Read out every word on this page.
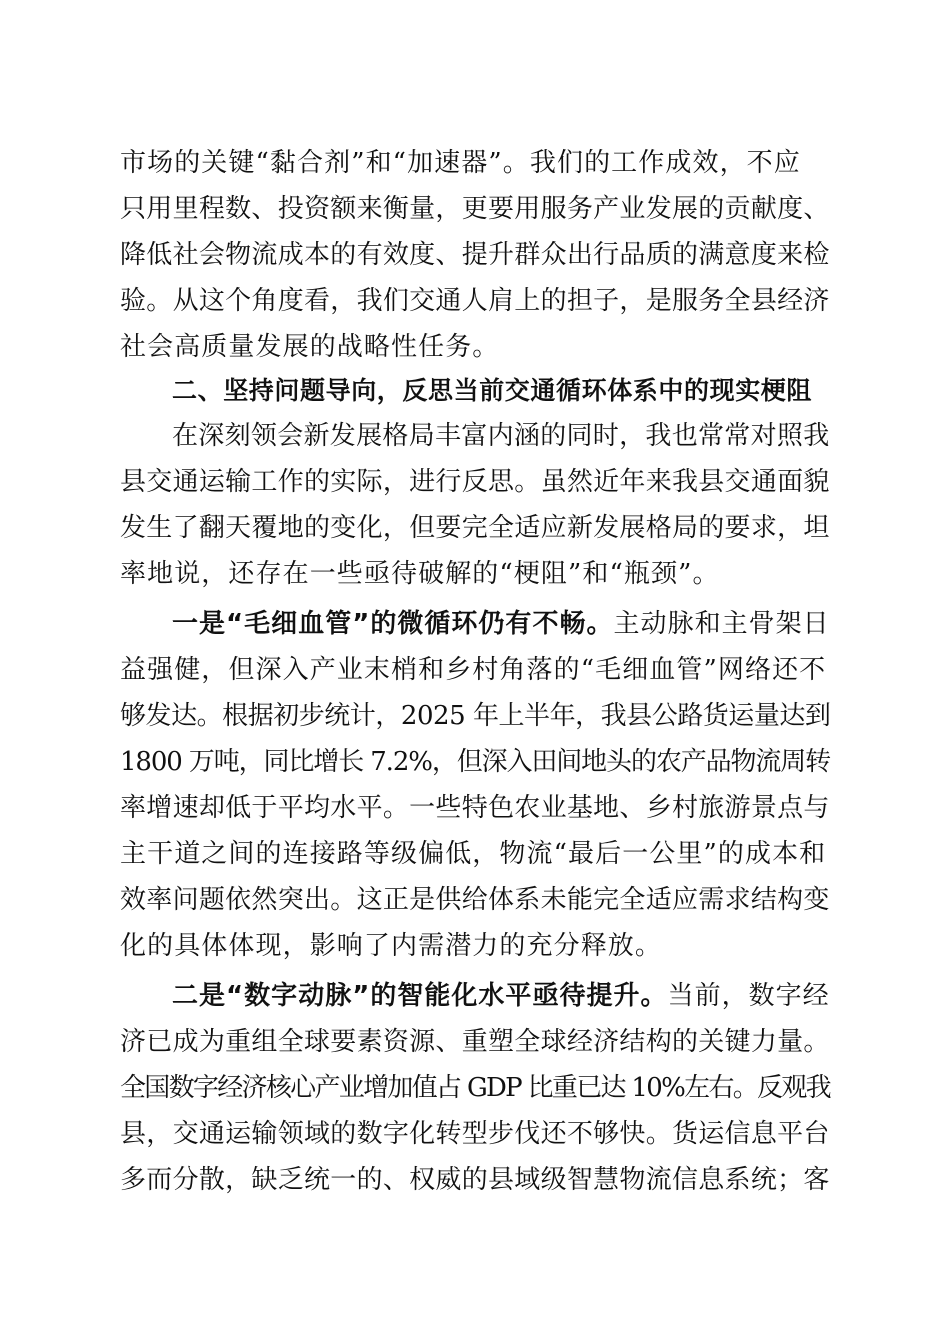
市场的关键“黏合剂”和“加速器”。我们的工作成效，不应
只用里程数、投资额来衡量，更要用服务产业发展的贡献度、
降低社会物流成本的有效度、提升群众出行品质的满意度来检
验。从这个角度看，我们交通人肩上的担子，是服务全县经济
社会高质量发展的战略性任务。
二、坚持问题导向，反思当前交通循环体系中的现实梗阻
在深刻领会新发展格局丰富内涵的同时，我也常常对照我
县交通运输工作的实际，进行反思。虽然近年来我县交通面貌
发生了翻天覆地的变化，但要完全适应新发展格局的要求，坦
率地说，还存在一些亟待破解的“梗阻”和“瓶颈”。
一是“毛细血管”的微循环仍有不畅。主动脉和主骨架日
益强健，但深入产业末梢和乡村角落的“毛细血管”网络还不
够发达。根据初步统计，2025 年上半年，我县公路货运量达到
1800 万吨，同比增长 7.2%，但深入田间地头的农产品物流周转
率增速却低于平均水平。一些特色农业基地、乡村旅游景点与
主干道之间的连接路等级偏低，物流“最后一公里”的成本和
效率问题依然突出。这正是供给体系未能完全适应需求结构变
化的具体体现，影响了内需潜力的充分释放。
二是“数字动脉”的智能化水平亟待提升。当前，数字经
济已成为重组全球要素资源、重塑全球经济结构的关键力量。
全国数字经济核心产业增加值占 GDP 比重已达 10%左右。反观我
县，交通运输领域的数字化转型步伐还不够快。货运信息平台
多而分散，缺乏统一的、权威的县域级智慧物流信息系统；客
